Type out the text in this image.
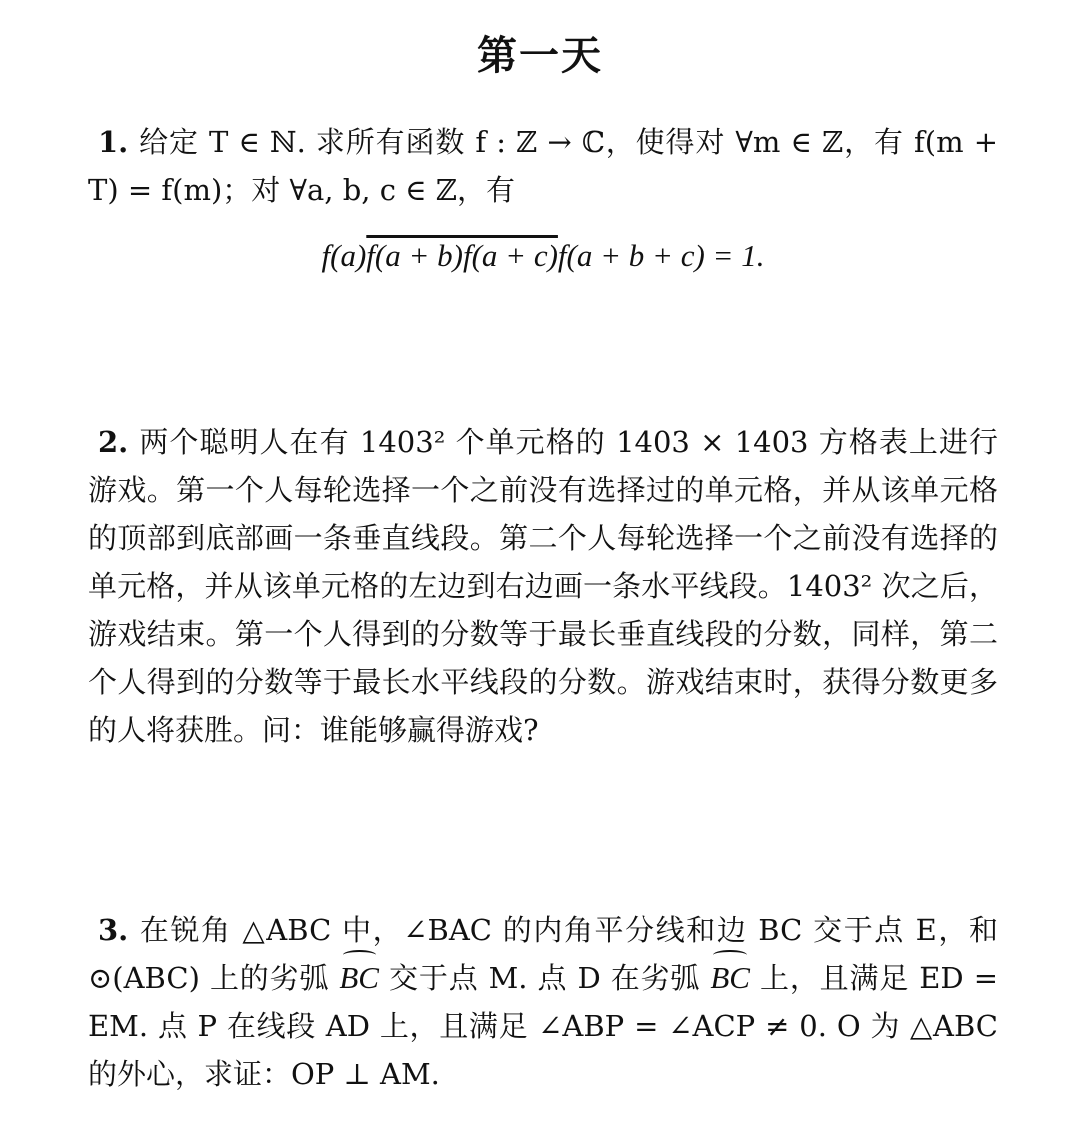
第一天
1. 给定 T ∈ ℕ. 求所有函数 f : ℤ → ℂ，使得对 ∀m ∈ ℤ，有 f(m + T) = f(m)；对 ∀a, b, c ∈ ℤ，有
f(a)f(a + b)f(a + c)f(a + b + c) = 1.
2. 两个聪明人在有 1403² 个单元格的 1403 × 1403 方格表上进行游戏。第一个人每轮选择一个之前没有选择过的单元格，并从该单元格的顶部到底部画一条垂直线段。第二个人每轮选择一个之前没有选择的单元格，并从该单元格的左边到右边画一条水平线段。1403² 次之后，游戏结束。第一个人得到的分数等于最长垂直线段的分数，同样，第二个人得到的分数等于最长水平线段的分数。游戏结束时，获得分数更多的人将获胜。问：谁能够赢得游戏?
3. 在锐角 △ABC 中，∠BAC 的内角平分线和边 BC 交于点 E，和 ⊙(ABC) 上的劣弧 BC 交于点 M. 点 D 在劣弧 BC 上，且满足 ED = EM. 点 P 在线段 AD 上，且满足 ∠ABP = ∠ACP ≠ 0. O 为 △ABC 的外心，求证：OP ⊥ AM.
